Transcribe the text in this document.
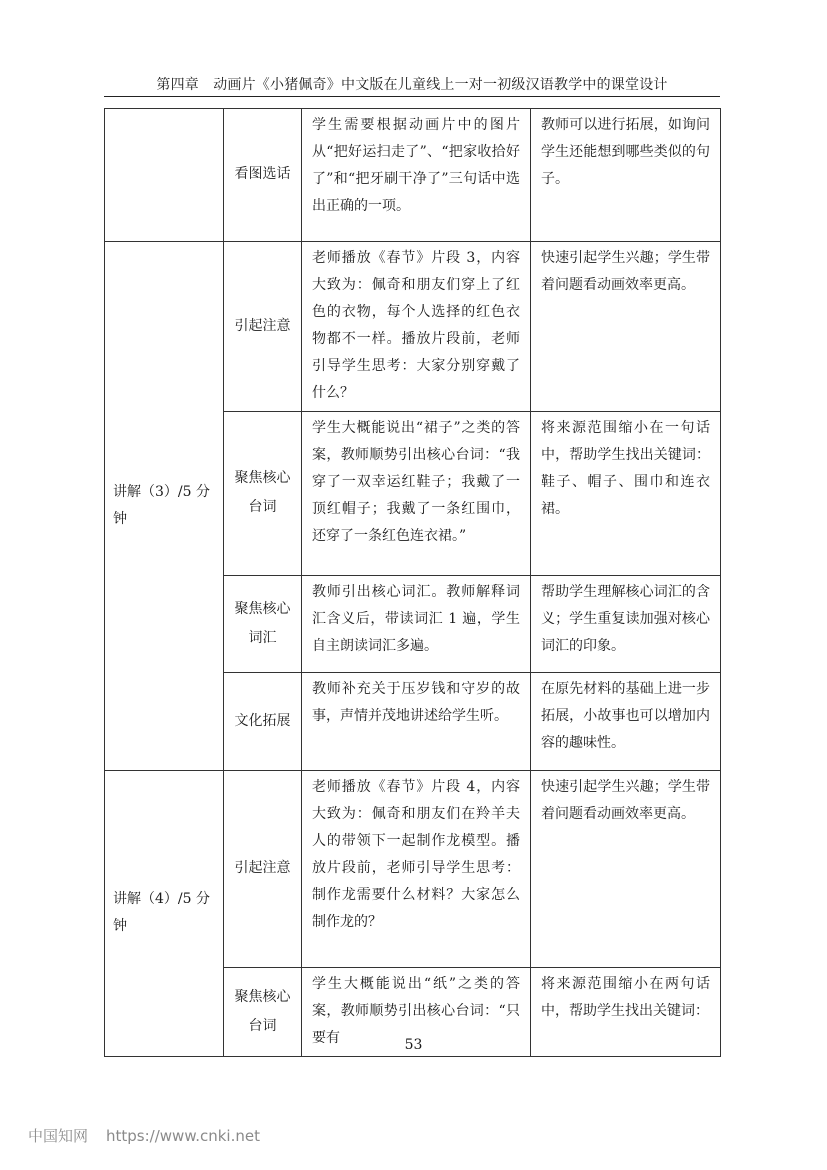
第四章　动画片《小猪佩奇》中文版在儿童线上一对一初级汉语教学中的课堂设计
	看图选话	学生需要根据动画片中的图片从“把好运扫走了”、“把家收拾好了”和“把牙刷干净了”三句话中选出正确的一项。	教师可以进行拓展，如询问学生还能想到哪些类似的句子。
讲解（3）/5 分钟	引起注意	老师播放《春节》片段 3，内容大致为：佩奇和朋友们穿上了红色的衣物，每个人选择的红色衣物都不一样。播放片段前，老师引导学生思考：大家分别穿戴了什么？	快速引起学生兴趣；学生带着问题看动画效率更高。
	聚焦核心台词	学生大概能说出“裙子”之类的答案，教师顺势引出核心台词：“我穿了一双幸运红鞋子；我戴了一顶红帽子；我戴了一条红围巾，还穿了一条红色连衣裙。”	将来源范围缩小在一句话中，帮助学生找出关键词：鞋子、帽子、围巾和连衣裙。
	聚焦核心词汇	教师引出核心词汇。教师解释词汇含义后，带读词汇 1 遍，学生自主朗读词汇多遍。	帮助学生理解核心词汇的含义；学生重复读加强对核心词汇的印象。
	文化拓展	教师补充关于压岁钱和守岁的故事，声情并茂地讲述给学生听。	在原先材料的基础上进一步拓展，小故事也可以增加内容的趣味性。
讲解（4）/5 分钟	引起注意	老师播放《春节》片段 4，内容大致为：佩奇和朋友们在羚羊夫人的带领下一起制作龙模型。播放片段前，老师引导学生思考：制作龙需要什么材料？大家怎么制作龙的？	快速引起学生兴趣；学生带着问题看动画效率更高。
	聚焦核心台词	学生大概能说出“纸”之类的答案，教师顺势引出核心台词：“只要有	将来源范围缩小在两句话中，帮助学生找出关键词：
53
中国知网 https://www.cnki.net
